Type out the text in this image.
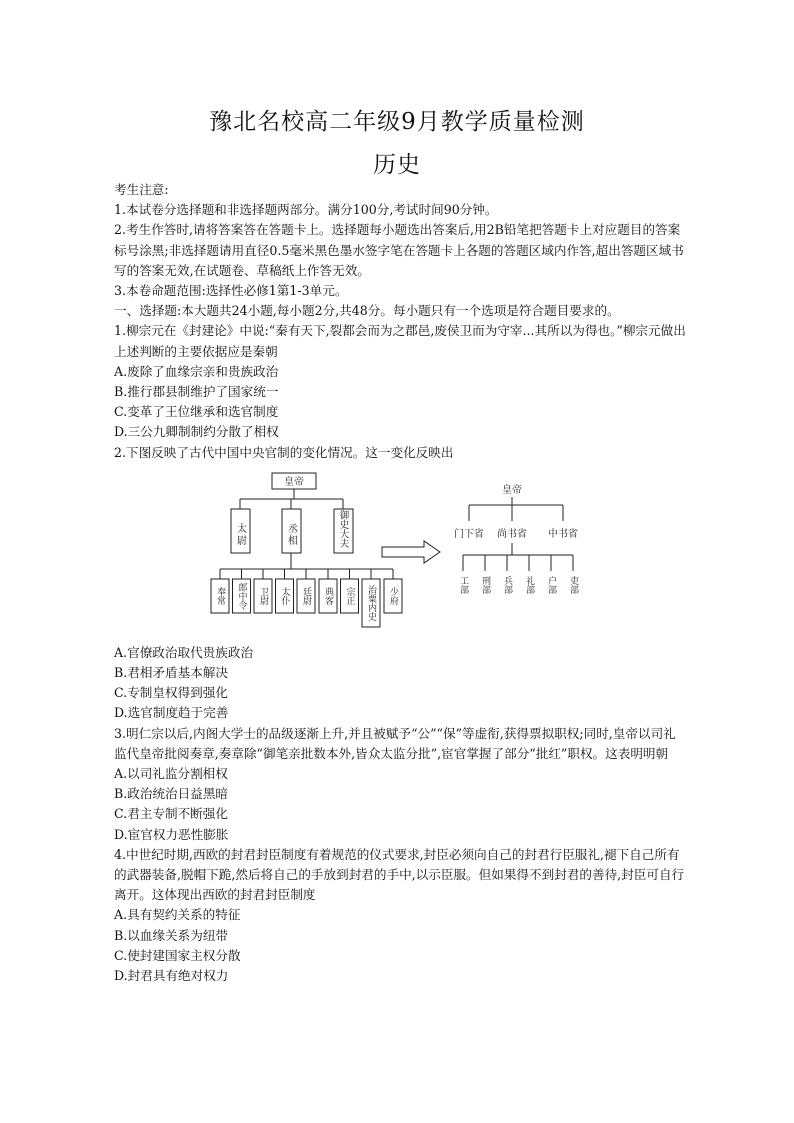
豫北名校高二年级9月教学质量检测
历史

考生注意:

1.本试卷分选择题和非选择题两部分。满分100分,考试时间90分钟。

2.考生作答时,请将答案答在答题卡上。选择题每小题选出答案后,用2B铅笔把答题卡上对应题目的答案标号涂黑;非选择题请用直径0.5毫米黑色墨水签字笔在答题卡上各题的答题区域内作答,超出答题区域书写的答案无效,在试题卷、草稿纸上作答无效。

3.本卷命题范围:选择性必修1第1-3单元。

一、选择题:本大题共24小题,每小题2分,共48分。每小题只有一个选项是符合题目要求的。

1.柳宗元在《封建论》中说:“秦有天下,裂都会而为之郡邑,废侯卫而为守宰...其所以为得也。”柳宗元做出上述判断的主要依据应是秦朝

A.废除了血缘宗亲和贵族政治

B.推行郡县制维护了国家统一

C.变革了王位继承和选官制度

D.三公九卿制制约分散了相权

2.下图反映了古代中国中央官制的变化情况。这一变化反映出

皇帝
太尉	丞相	御史大夫
奉常 郎中令 卫尉 太仆 廷尉 典客 宗正 治粟内史 少府
皇帝
门下省 尚书省 中书省
工部 刑部 兵部 礼部 户部 吏部

A.官僚政治取代贵族政治

B.君相矛盾基本解决

C.专制皇权得到强化

D.选官制度趋于完善

3.明仁宗以后,内阁大学士的品级逐渐上升,并且被赋予“公”“保”等虚衔,获得票拟职权;同时,皇帝以司礼监代皇帝批阅奏章,奏章除“御笔亲批数本外,皆众太监分批”,宦官掌握了部分“批红”职权。这表明明朝

A.以司礼监分割相权

B.政治统治日益黑暗

C.君主专制不断强化

D.宦官权力恶性膨胀

4.中世纪时期,西欧的封君封臣制度有着规范的仪式要求,封臣必须向自己的封君行臣服礼,褪下自己所有的武器装备,脱帽下跪,然后将自己的手放到封君的手中,以示臣服。但如果得不到封君的善待,封臣可自行离开。这体现出西欧的封君封臣制度

A.具有契约关系的特征

B.以血缘关系为纽带

C.使封建国家主权分散

D.封君具有绝对权力
